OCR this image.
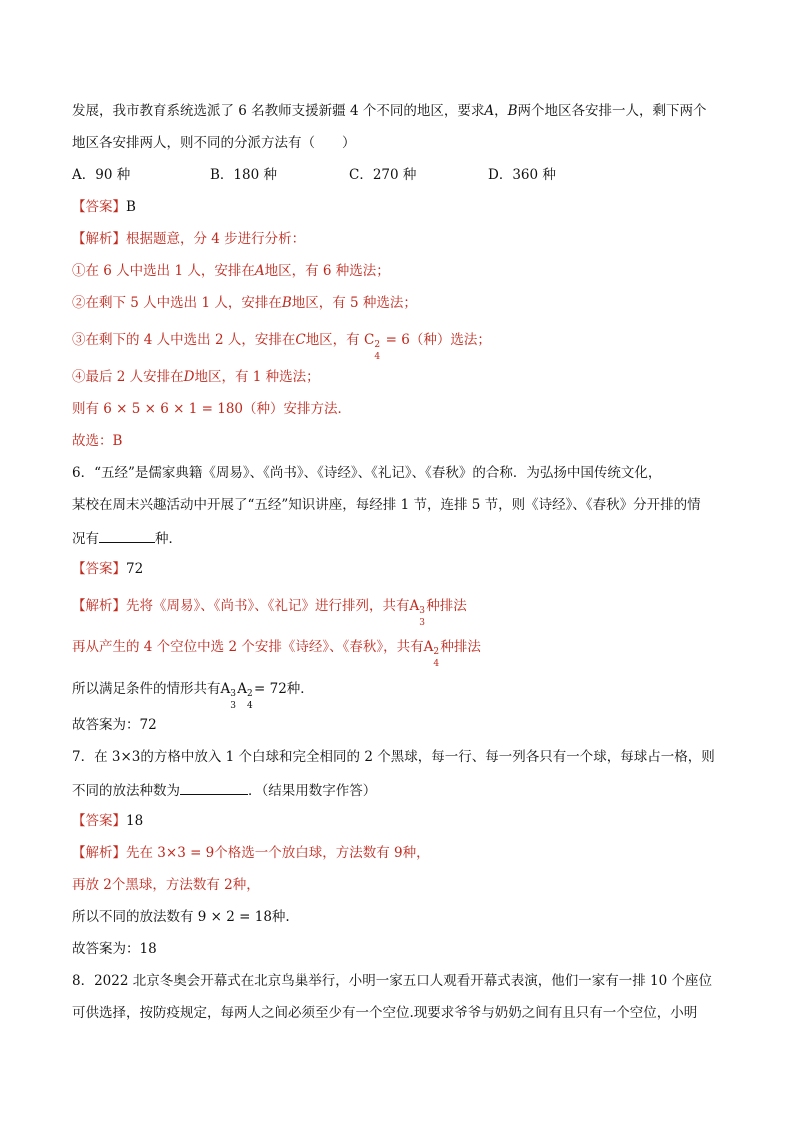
发展，我市教育系统选派了 6 名教师支援新疆 4 个不同的地区，要求A，B两个地区各安排一人，剩下两个
地区各安排两人，则不同的分派方法有（　　）
A．90 种	B．180 种	C．270 种	D．360 种
【答案】B
【解析】根据题意，分 4 步进行分析：
①在 6 人中选出 1 人，安排在A地区，有 6 种选法；
②在剩下 5 人中选出 1 人，安排在B地区，有 5 种选法；
③在剩下的 4 人中选出 2 人，安排在C地区，有 C 2
4
= 6（种）选法；
④最后 2 人安排在D地区，有 1 种选法；
则有 6 × 5 × 6 × 1 = 180（种）安排方法．
故选：B
6．“五经”是儒家典籍《周易》、《尚书》、《诗经》、《礼记》、《春秋》的合称．为弘扬中国传统文化，
某校在周末兴趣活动中开展了“五经”知识讲座，每经排 1 节，连排 5 节，则《诗经》、《春秋》分开排的情
况有	种．
【答案】72
【解析】先将《周易》、《尚书》、《礼记》进行排列，共有A 3
3
种排法
再从产生的 4 个空位中选 2 个安排《诗经》、《春秋》，共有A 2
4
种排法
所以满足条件的情形共有A 3
3
A 2
4
= 72种．
故答案为：72
7．在 3×3的方格中放入 1 个白球和完全相同的 2 个黑球，每一行、每一列各只有一个球，每球占一格，则
不同的放法种数为	．（结果用数字作答）
【答案】18
【解析】先在 3×3 = 9个格选一个放白球，方法数有 9种，
再放 2个黑球，方法数有 2种，
所以不同的放法数有 9 × 2 = 18种.
故答案为：18
8．2022 北京冬奥会开幕式在北京鸟巢举行，小明一家五口人观看开幕式表演，他们一家有一排 10 个座位
可供选择，按防疫规定，每两人之间必须至少有一个空位.现要求爷爷与奶奶之间有且只有一个空位，小明
